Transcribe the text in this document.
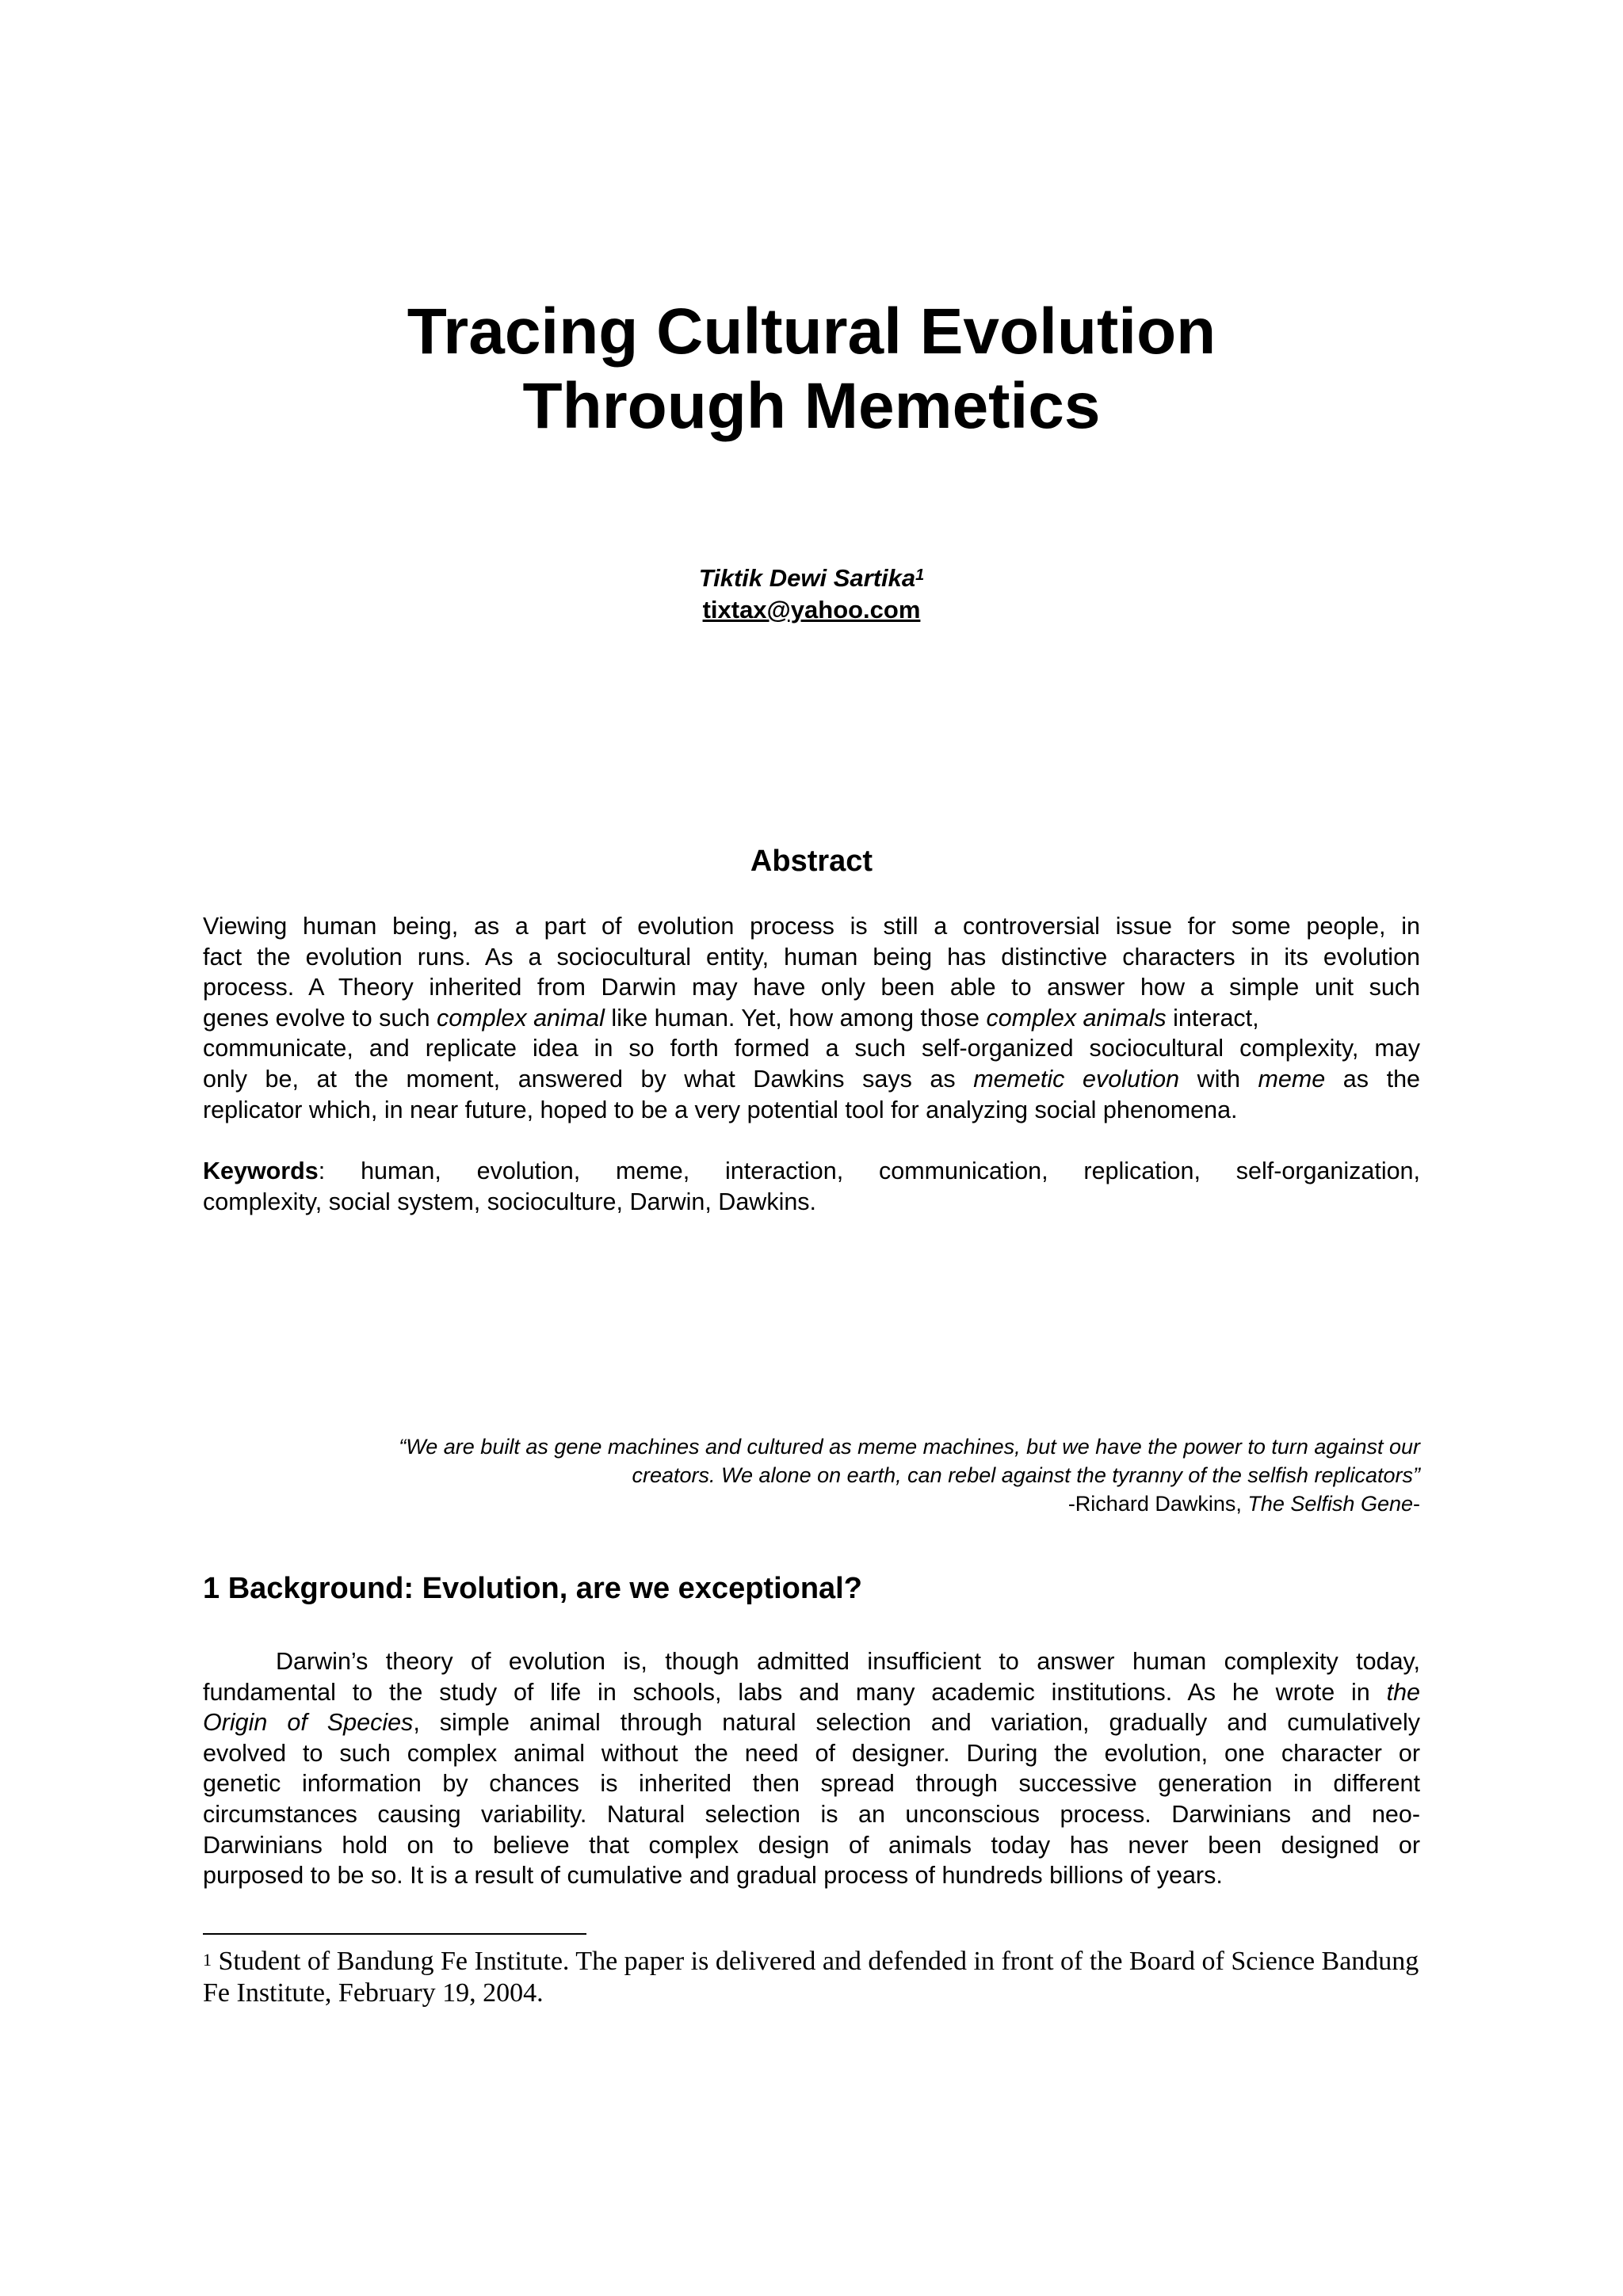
Tracing Cultural Evolution
Through Memetics
Tiktik Dewi Sartika$^1$
tixtax@yahoo.com
Abstract
Viewing human being, as a part of evolution process is still a controversial issue for some people, in
fact the evolution runs. As a sociocultural entity, human being has distinctive characters in its evolution
process. A Theory inherited from Darwin may have only been able to answer how a simple unit such
genes evolve to such complex animal like human. Yet, how among those complex animals interact,
communicate, and replicate idea in so forth formed a such self-organized sociocultural complexity, may
only be, at the moment, answered by what Dawkins says as memetic evolution with meme as the
replicator which, in near future, hoped to be a very potential tool for analyzing social phenomena.
Keywords: human, evolution, meme, interaction, communication, replication, self-organization,
complexity, social system, socioculture, Darwin, Dawkins.
“We are built as gene machines and cultured as meme machines, but we have the power to turn against our
creators. We alone on earth, can rebel against the tyranny of the selfish replicators”
-Richard Dawkins, The Selfish Gene-
1 Background: Evolution, are we exceptional?
Darwin’s theory of evolution is, though admitted insufficient to answer human complexity today,
fundamental to the study of life in schools, labs and many academic institutions. As he wrote in the
Origin of Species, simple animal through natural selection and variation, gradually and cumulatively
evolved to such complex animal without the need of designer. During the evolution, one character or
genetic information by chances is inherited then spread through successive generation in different
circumstances causing variability. Natural selection is an unconscious process. Darwinians and neo-
Darwinians hold on to believe that complex design of animals today has never been designed or
purposed to be so. It is a result of cumulative and gradual process of hundreds billions of years.
$^1$ Student of Bandung Fe Institute. The paper is delivered and defended in front of the Board of Science Bandung
Fe Institute, February 19, 2004.
